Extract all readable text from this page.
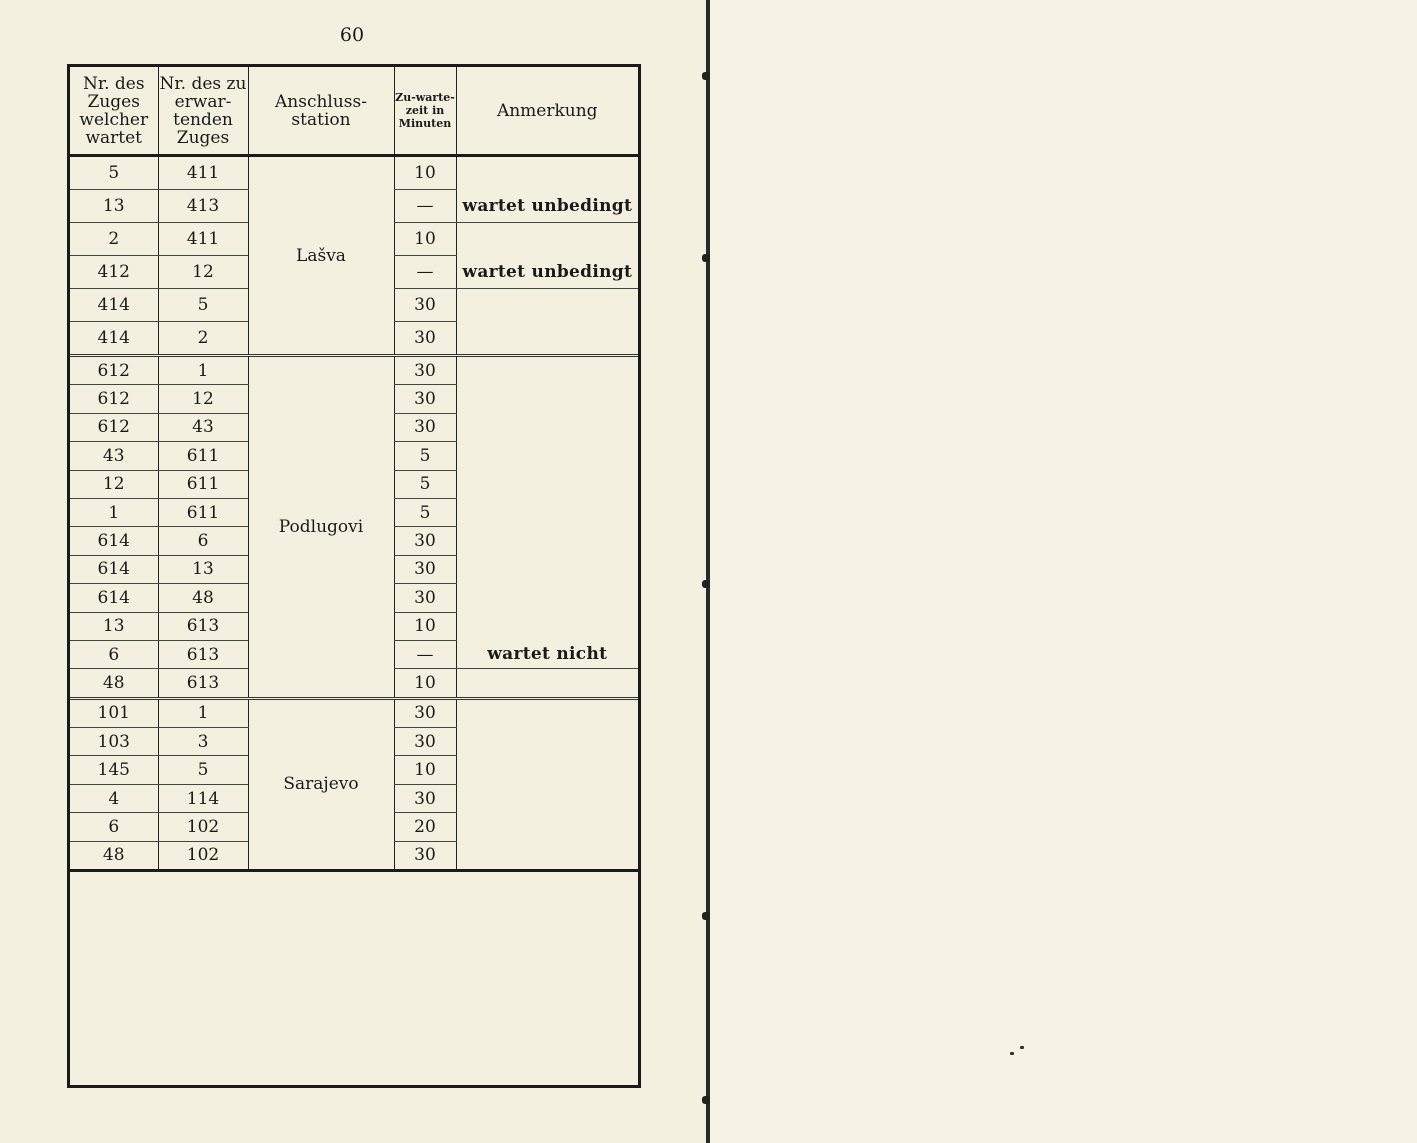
60
Nr. des Zuges welcher wartet	Nr. des zu erwar-tenden Zuges	Anschluss-station	Zu-warte-zeit in Minuten	Anmerkung
5	411	Lašva	10	
13	413		—	wartet unbedingt
2	411		10	
412	12		—	wartet unbedingt
414	5		30	
414	2		30	
612	1	Podlugovi	30	
612	12		30	
612	43		30	
43	611		5	
12	611		5	
1	611		5	
614	6		30	
614	13		30	
614	48		30	
13	613		10	
6	613		—	wartet nicht
48	613		10	
101	1	Sarajevo	30	
103	3		30	
145	5		10	
4	114		30	
6	102		20	
48	102		30	
